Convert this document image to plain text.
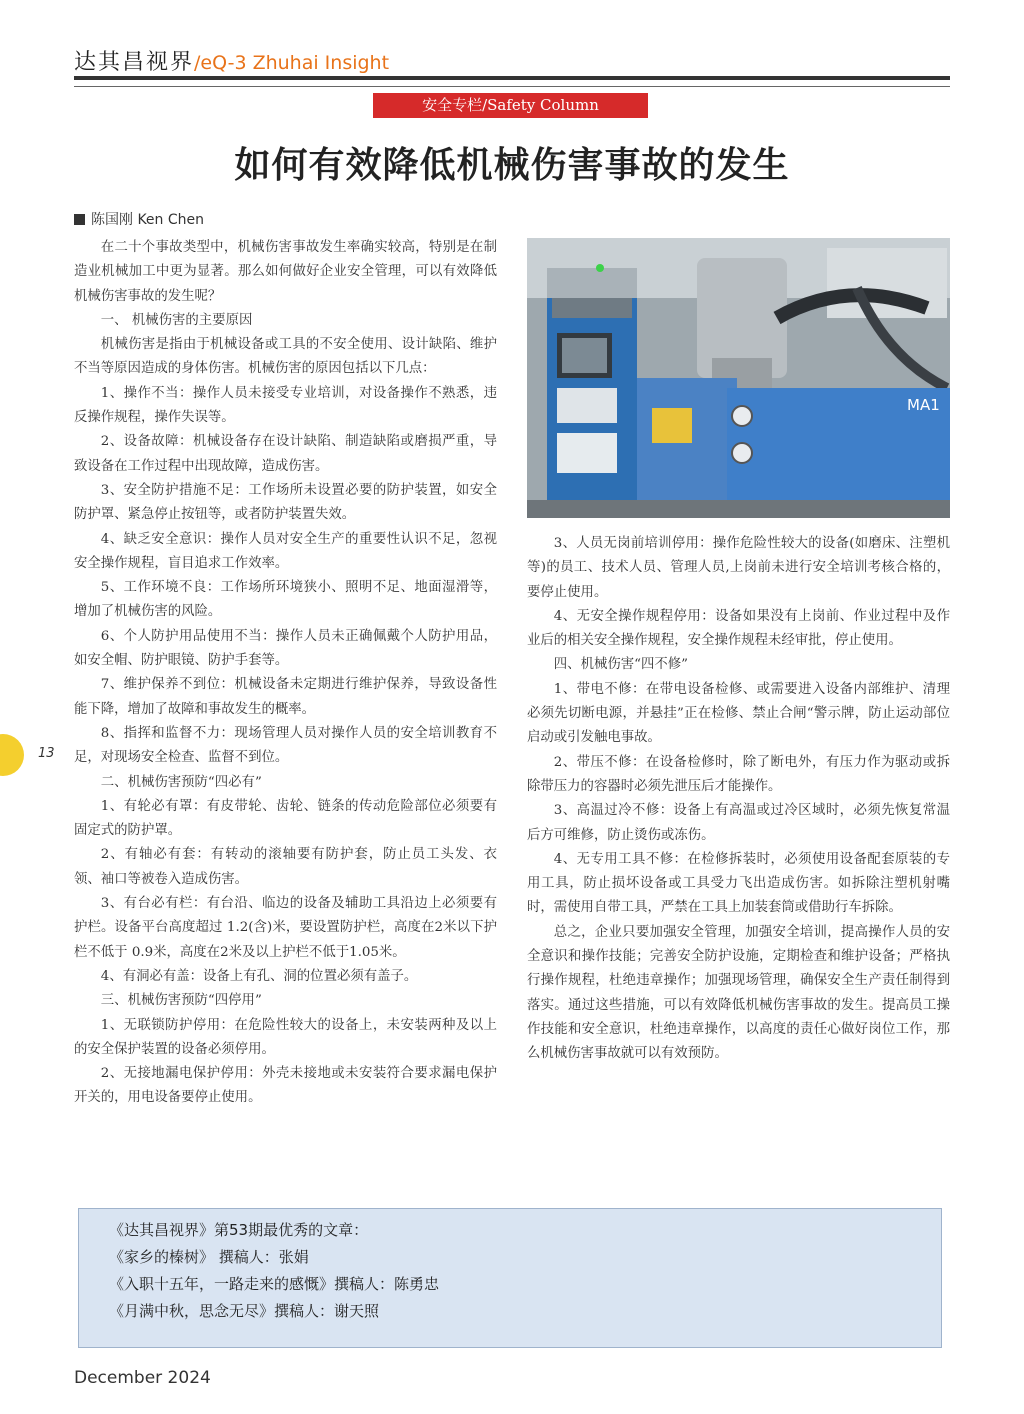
达其昌视界/eQ-3 Zhuhai Insight
安全专栏/Safety Column
如何有效降低机械伤害事故的发生
陈国刚 Ken Chen

在二十个事故类型中，机械伤害事故发生率确实较高，特别是在制造业机械加工中更为显著。那么如何做好企业安全管理，可以有效降低机械伤害事故的发生呢？

一、 机械伤害的主要原因

机械伤害是指由于机械设备或工具的不安全使用、设计缺陷、维护不当等原因造成的身体伤害。机械伤害的原因包括以下几点：

1、操作不当：操作人员未接受专业培训，对设备操作不熟悉，违反操作规程，操作失误等。

2、设备故障：机械设备存在设计缺陷、制造缺陷或磨损严重，导致设备在工作过程中出现故障，造成伤害。

3、安全防护措施不足：工作场所未设置必要的防护装置，如安全防护罩、紧急停止按钮等，或者防护装置失效。

4、缺乏安全意识：操作人员对安全生产的重要性认识不足，忽视安全操作规程，盲目追求工作效率。

5、工作环境不良：工作场所环境狭小、照明不足、地面湿滑等，增加了机械伤害的风险。

6、个人防护用品使用不当：操作人员未正确佩戴个人防护用品，如安全帽、防护眼镜、防护手套等。

7、维护保养不到位：机械设备未定期进行维护保养，导致设备性能下降，增加了故障和事故发生的概率。

8、指挥和监督不力：现场管理人员对操作人员的安全培训教育不足，对现场安全检查、监督不到位。

二、机械伤害预防“四必有”

1、有轮必有罩：有皮带轮、齿轮、链条的传动危险部位必须要有固定式的防护罩。

2、有轴必有套：有转动的滚轴要有防护套，防止员工头发、衣领、袖口等被卷入造成伤害。

3、有台必有栏：有台沿、临边的设备及辅助工具沿边上必须要有护栏。设备平台高度超过 1.2(含)米，要设置防护栏，高度在2米以下护栏不低于 0.9米，高度在2米及以上护栏不低于1.05米。

4、有洞必有盖：设备上有孔、洞的位置必须有盖子。

三、机械伤害预防“四停用”

1、无联锁防护停用：在危险性较大的设备上，未安装两种及以上的安全保护装置的设备必须停用。

2、无接地漏电保护停用：外壳未接地或未安装符合要求漏电保护开关的，用电设备要停止使用。

MA1

3、人员无岗前培训停用：操作危险性较大的设备(如磨床、注塑机等)的员工、技术人员、管理人员,上岗前未进行安全培训考核合格的，要停止使用。

4、无安全操作规程停用：设备如果没有上岗前、作业过程中及作业后的相关安全操作规程，安全操作规程未经审批，停止使用。

四、机械伤害“四不修”

1、带电不修：在带电设备检修、或需要进入设备内部维护、清理必须先切断电源，并悬挂”正在检修、禁止合闸“警示牌，防止运动部位启动或引发触电事故。

2、带压不修：在设备检修时，除了断电外，有压力作为驱动或拆除带压力的容器时必须先泄压后才能操作。

3、高温过冷不修：设备上有高温或过冷区域时，必须先恢复常温后方可维修，防止烫伤或冻伤。

4、无专用工具不修：在检修拆装时，必须使用设备配套原装的专用工具，防止损坏设备或工具受力飞出造成伤害。如拆除注塑机射嘴时，需使用自带工具，严禁在工具上加装套筒或借助行车拆除。

总之，企业只要加强安全管理，加强安全培训，提高操作人员的安全意识和操作技能；完善安全防护设施，定期检查和维护设备；严格执行操作规程，杜绝违章操作；加强现场管理，确保安全生产责任制得到落实。通过这些措施，可以有效降低机械伤害事故的发生。提高员工操作技能和安全意识，杜绝违章操作，以高度的责任心做好岗位工作，那么机械伤害事故就可以有效预防。

13
《达其昌视界》第53期最优秀的文章：
《家乡的榛树》 撰稿人：张娟
《入职十五年，一路走来的感慨》撰稿人：陈勇忠
《月满中秋，思念无尽》撰稿人：谢天照
December 2024
